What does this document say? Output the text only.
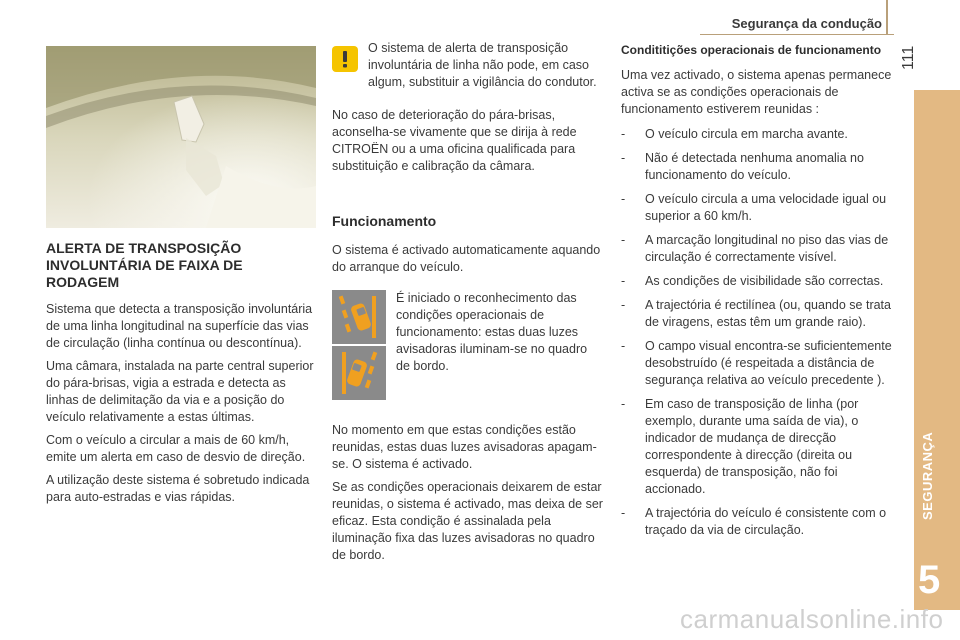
Segurança da condução
111
SEGURANÇA
5
ALERTA DE TRANSPOSIÇÃO INVOLUNTÁRIA DE FAIXA DE RODAGEM

Sistema que detecta a transposição involuntária de uma linha longitudinal na superfície das vias de circulação (linha contínua ou descontínua).

Uma câmara, instalada na parte central superior do pára-brisas, vigia a estrada e detecta as linhas de delimitação da via e a posição do veículo relativamente a estas últimas.

Com o veículo a circular a mais de 60 km/h, emite um alerta em caso de desvio de direção.

A utilização deste sistema é sobretudo indicada para auto-estradas e vias rápidas.

O sistema de alerta de transposição involuntária de linha não pode, em caso algum, substituir a vigilância do condutor.

No caso de deterioração do pára-brisas, aconselha-se vivamente que se dirija à rede CITROËN ou a uma oficina qualificada para substituição e calibração da câmara.

Funcionamento

O sistema é activado automaticamente aquando do arranque do veículo.

É iniciado o reconhecimento das condições operacionais de funcionamento: estas duas luzes avisadoras iluminam-se no quadro de bordo.

No momento em que estas condições estão reunidas, estas duas luzes avisadoras apagam-se. O sistema é activado.

Se as condições operacionais deixarem de estar reunidas, o sistema é activado, mas deixa de ser eficaz. Esta condição é assinalada pela iluminação fixa das luzes avisadoras no quadro de bordo.

Condititições operacionais de funcionamento

Uma vez activado, o sistema apenas permanece activa se as condições operacionais de funcionamento estiverem reunidas :

- O veículo circula em marcha avante.
- Não é detectada nenhuma anomalia no funcionamento do veículo.
- O veículo circula a uma velocidade igual ou superior a 60 km/h.
- A marcação longitudinal no piso das vias de circulação é correctamente visível.
- As condições de visibilidade são correctas.
- A trajectória é rectilínea (ou, quando se trata de viragens, estas têm um grande raio).
- O campo visual encontra-se suficientemente desobstruído (é respeitada a distância de segurança relativa ao veículo precedente ).
- Em caso de transposição de linha (por exemplo, durante uma saída de via), o indicador de mudança de direcção correspondente à direcção (direita ou esquerda) de transposição, não foi accionado.
- A trajectória do veículo é consistente com o traçado da via de circulação.
carmanualsonline.info
